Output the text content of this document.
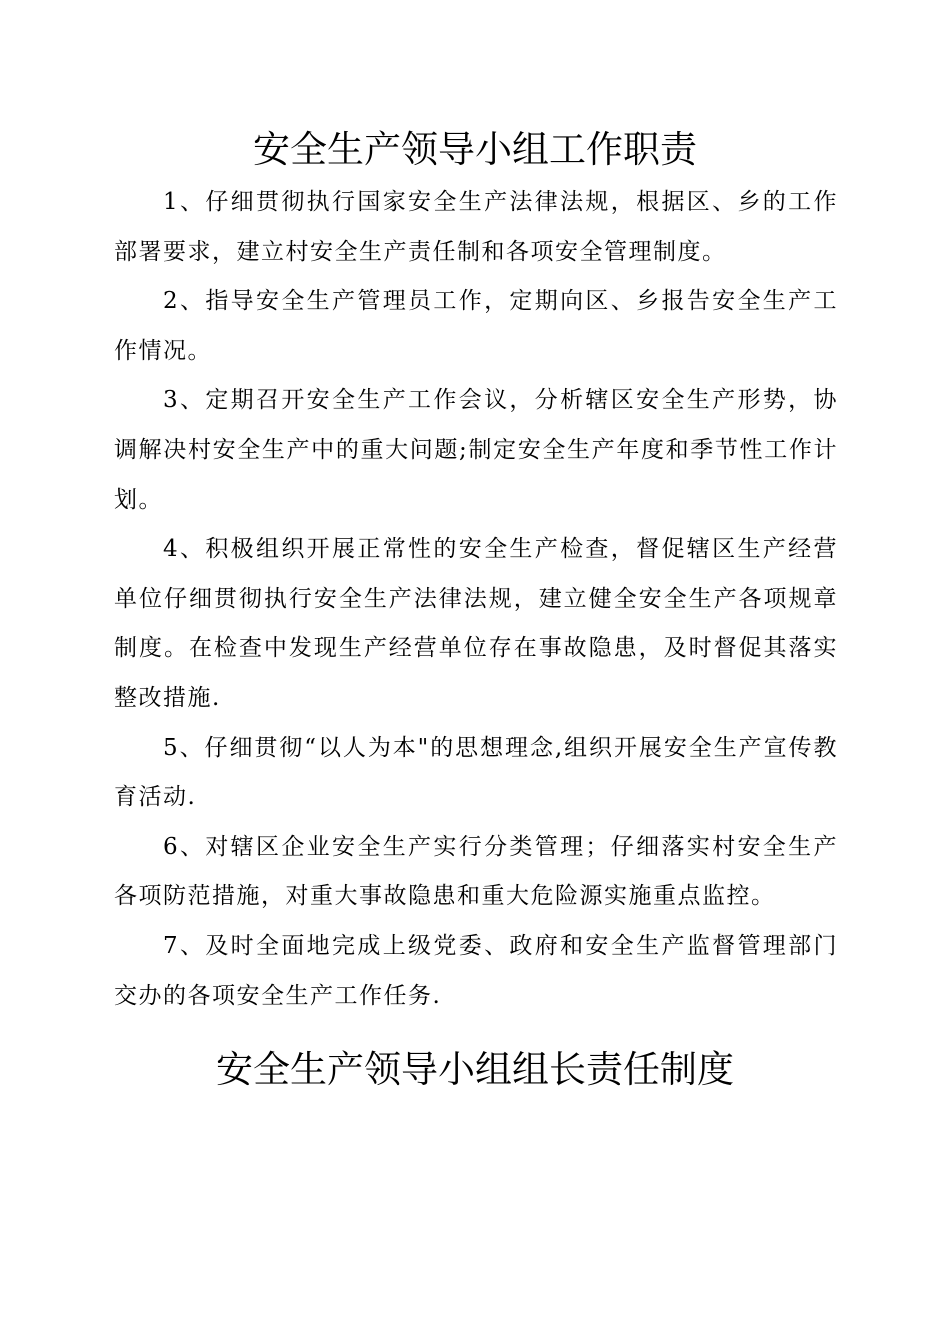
安全生产领导小组工作职责

1、仔细贯彻执行国家安全生产法律法规，根据区、乡的工作部署要求，建立村安全生产责任制和各项安全管理制度。

2、指导安全生产管理员工作，定期向区、乡报告安全生产工作情况。

3、定期召开安全生产工作会议，分析辖区安全生产形势，协调解决村安全生产中的重大问题;制定安全生产年度和季节性工作计划。

4、积极组织开展正常性的安全生产检查，督促辖区生产经营单位仔细贯彻执行安全生产法律法规，建立健全安全生产各项规章制度。在检查中发现生产经营单位存在事故隐患，及时督促其落实整改措施.

5、仔细贯彻“以人为本"的思想理念,组织开展安全生产宣传教育活动.

6、对辖区企业安全生产实行分类管理；仔细落实村安全生产各项防范措施，对重大事故隐患和重大危险源实施重点监控。

7、及时全面地完成上级党委、政府和安全生产监督管理部门交办的各项安全生产工作任务.

安全生产领导小组组长责任制度
